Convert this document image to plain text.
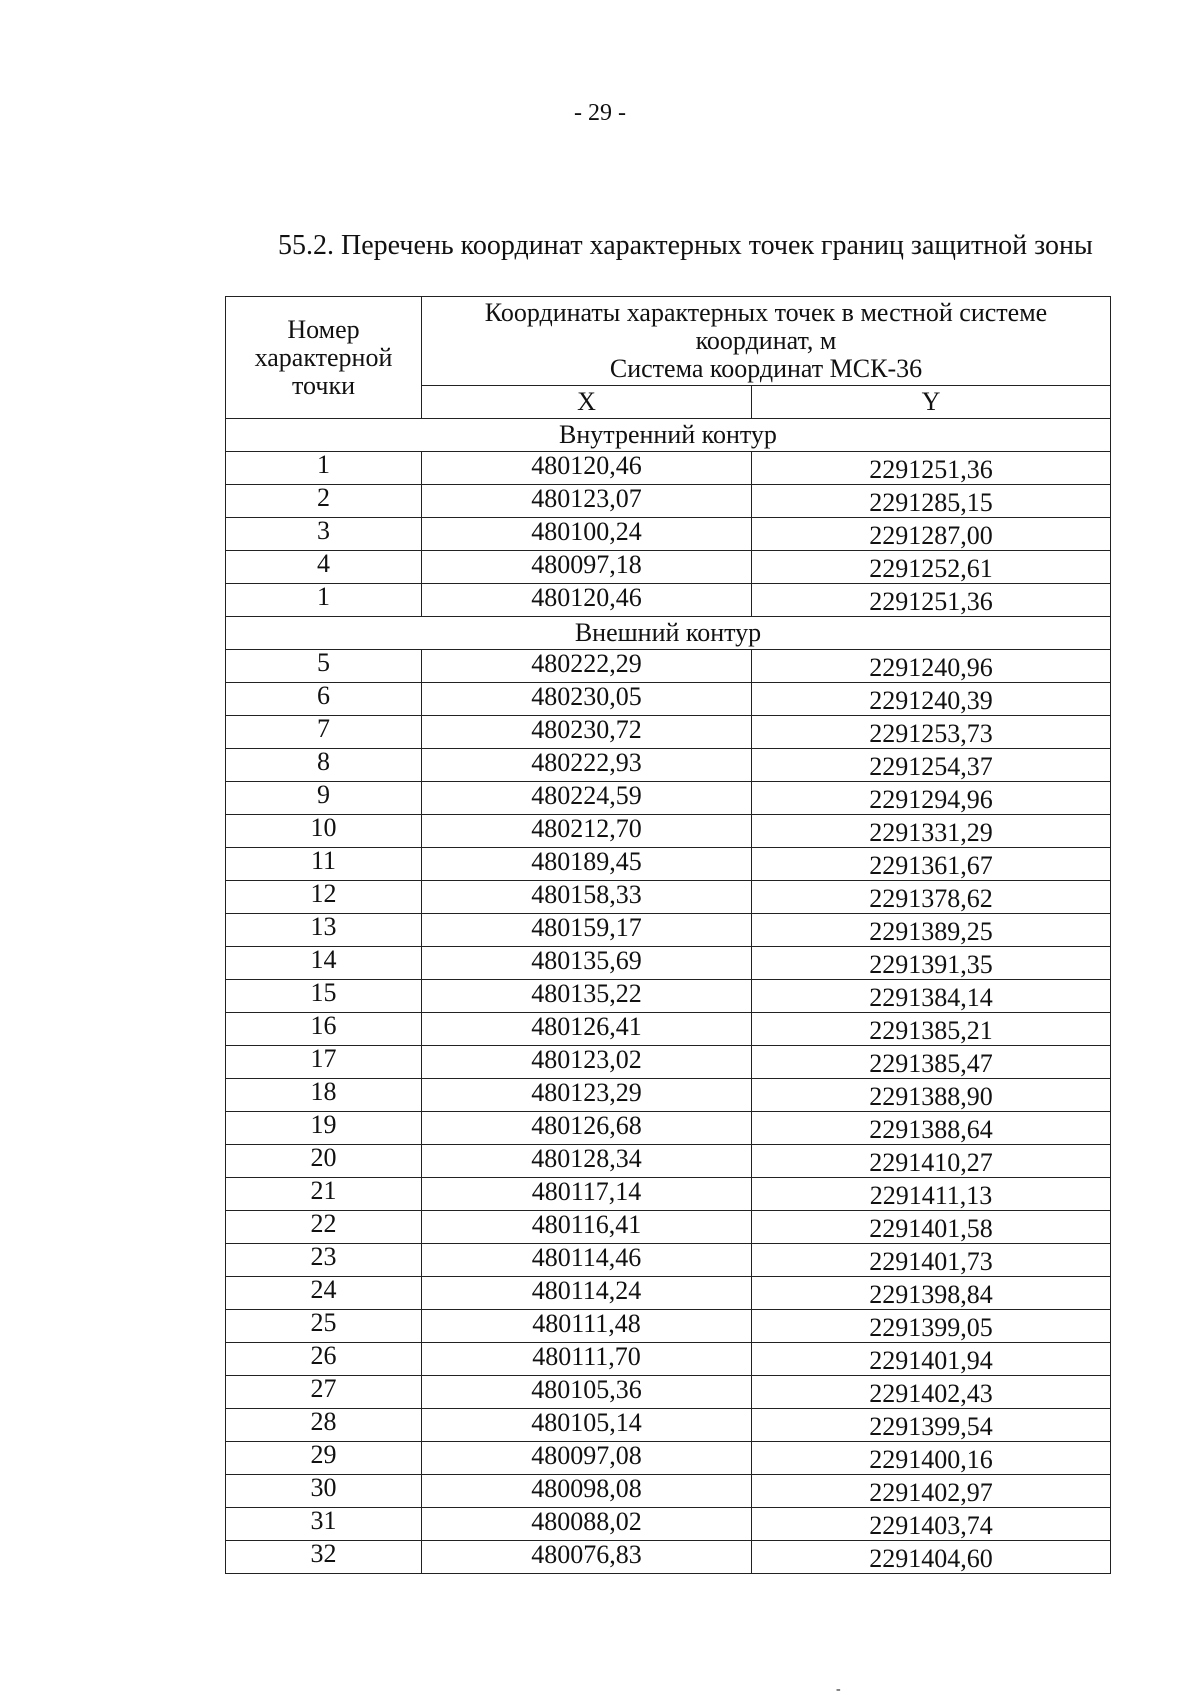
- 29 -
55.2. Перечень координат характерных точек границ защитной зоны
Номер
характерной
точки	Координаты характерных точек в местной системе
координат, м
Система координат МСК-36	

	X	Y
Внутренний контур		
1	480120,46	2291251,36
2	480123,07	2291285,15
3	480100,24	2291287,00
4	480097,18	2291252,61
1	480120,46	2291251,36
Внешний контур		
5	480222,29	2291240,96
6	480230,05	2291240,39
7	480230,72	2291253,73
8	480222,93	2291254,37
9	480224,59	2291294,96
10	480212,70	2291331,29
11	480189,45	2291361,67
12	480158,33	2291378,62
13	480159,17	2291389,25
14	480135,69	2291391,35
15	480135,22	2291384,14
16	480126,41	2291385,21
17	480123,02	2291385,47
18	480123,29	2291388,90
19	480126,68	2291388,64
20	480128,34	2291410,27
21	480117,14	2291411,13
22	480116,41	2291401,58
23	480114,46	2291401,73
24	480114,24	2291398,84
25	480111,48	2291399,05
26	480111,70	2291401,94
27	480105,36	2291402,43
28	480105,14	2291399,54
29	480097,08	2291400,16
30	480098,08	2291402,97
31	480088,02	2291403,74
32	480076,83	2291404,60
-
